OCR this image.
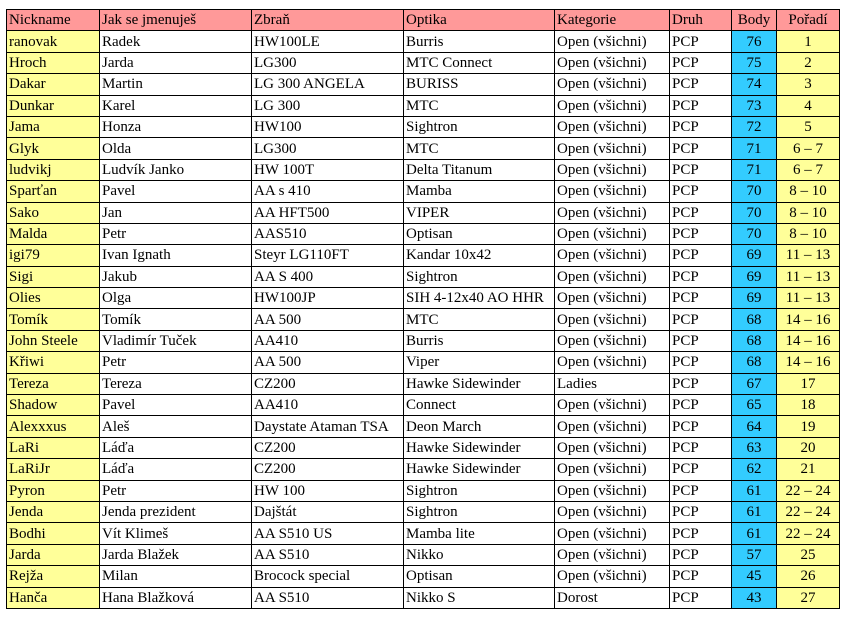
Nickname	Jak se jmenuješ	Zbraň	Optika	Kategorie	Druh	Body	Pořadí
ranovak	Radek	HW100LE	Burris	Open (všichni)	PCP	76	1
Hroch	Jarda	LG300	MTC Connect	Open (všichni)	PCP	75	2
Dakar	Martin	LG 300 ANGELA	BURISS	Open (všichni)	PCP	74	3
Dunkar	Karel	LG 300	MTC	Open (všichni)	PCP	73	4
Jama	Honza	HW100	Sightron	Open (všichni)	PCP	72	5
Glyk	Olda	LG300	MTC	Open (všichni)	PCP	71	6 – 7
ludvikj	Ludvík Janko	HW 100T	Delta Titanum	Open (všichni)	PCP	71	6 – 7
Sparťan	Pavel	AA s 410	Mamba	Open (všichni)	PCP	70	8 – 10
Sako	Jan	AA HFT500	VIPER	Open (všichni)	PCP	70	8 – 10
Malda	Petr	AAS510	Optisan	Open (všichni)	PCP	70	8 – 10
igi79	Ivan Ignath	Steyr LG110FT	Kandar 10x42	Open (všichni)	PCP	69	11 – 13
Sigi	Jakub	AA S 400	Sightron	Open (všichni)	PCP	69	11 – 13
Olies	Olga	HW100JP	SIH 4-12x40 AO HHR	Open (všichni)	PCP	69	11 – 13
Tomík	Tomík	AA 500	MTC	Open (všichni)	PCP	68	14 – 16
John Steele	Vladimír Tuček	AA410	Burris	Open (všichni)	PCP	68	14 – 16
Křiwi	Petr	AA 500	Viper	Open (všichni)	PCP	68	14 – 16
Tereza	Tereza	CZ200	Hawke Sidewinder	Ladies	PCP	67	17
Shadow	Pavel	AA410	Connect	Open (všichni)	PCP	65	18
Alexxxus	Aleš	Daystate Ataman TSA	Deon March	Open (všichni)	PCP	64	19
LaRi	Láďa	CZ200	Hawke Sidewinder	Open (všichni)	PCP	63	20
LaRiJr	Láďa	CZ200	Hawke Sidewinder	Open (všichni)	PCP	62	21
Pyron	Petr	HW 100	Sightron	Open (všichni)	PCP	61	22 – 24
Jenda	Jenda prezident	Dajštát	Sightron	Open (všichni)	PCP	61	22 – 24
Bodhi	Vít Klimeš	AA S510 US	Mamba lite	Open (všichni)	PCP	61	22 – 24
Jarda	Jarda Blažek	AA S510	Nikko	Open (všichni)	PCP	57	25
Rejža	Milan	Brocock special	Optisan	Open (všichni)	PCP	45	26
Hanča	Hana Blažková	AA S510	Nikko S	Dorost	PCP	43	27
